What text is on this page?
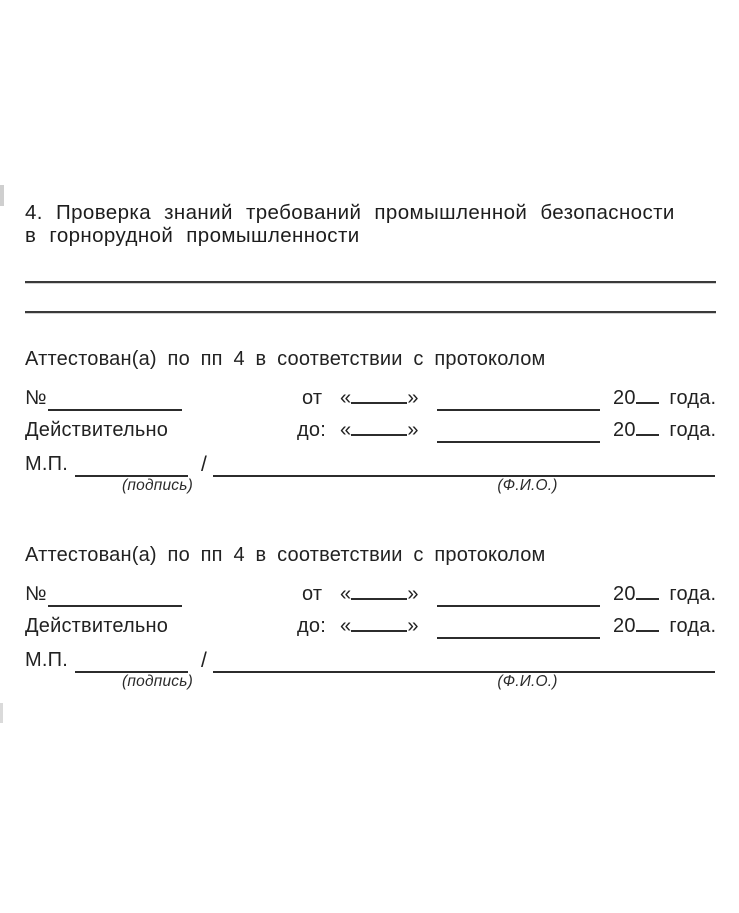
4. Проверка знаний требований промышленной безопасности
в горнорудной промышленности
Аттестован(а) по пп 4 в соответствии с протоколом
№	от «	»	20 года.
Действительно	до: «	»	20 года.
М.П.	/
(подпись)	(Ф.И.О.)
Аттестован(а) по пп 4 в соответствии с протоколом
№	от «	»	20 года.
Действительно	до: «	»	20 года.
М.П.	/
(подпись)	(Ф.И.О.)
